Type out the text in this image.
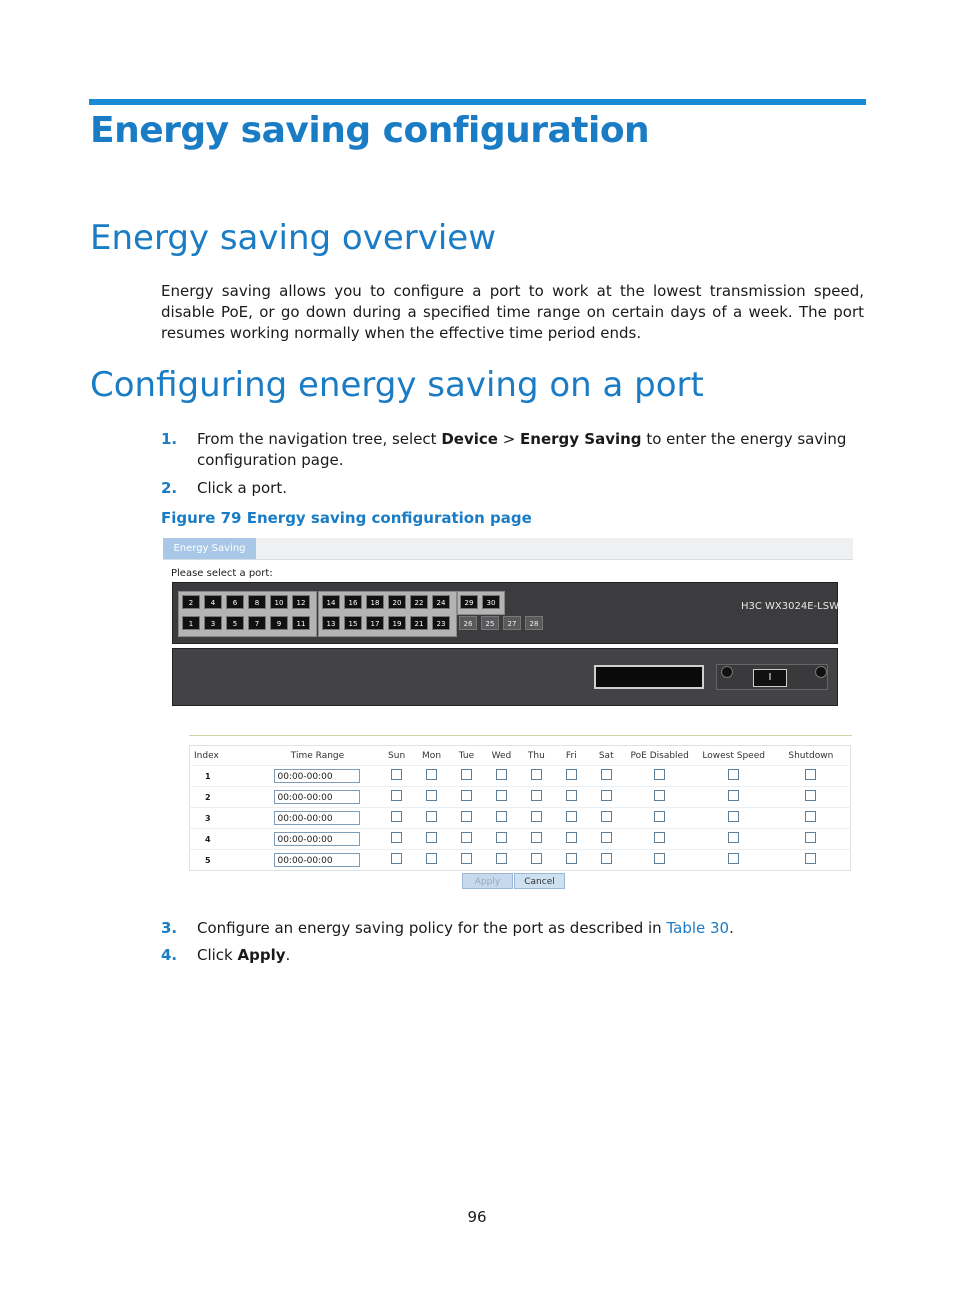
Energy saving configuration
Energy saving overview
Energy saving allows you to configure a port to work at the lowest transmission speed, disable PoE, or go down during a specified time range on certain days of a week. The port resumes working normally when the effective time period ends.
Configuring energy saving on a port
1. From the navigation tree, select Device > Energy Saving to enter the energy saving configuration page.
2. Click a port.
Figure 79 Energy saving configuration page
Energy Saving
Please select a port:
2	4	6	8	10	12	14	16	18	20	22	24	29	30
1	3	5	7	9	11	13	15	17	19	21	23	26	25	27	28
H3C WX3024E-LSW
I
Index	Time Range	Sun	Mon	Tue	Wed	Thu	Fri	Sat	PoE Disabled	Lowest Speed	Shutdown
1	00:00-00:00										
2	00:00-00:00										
3	00:00-00:00										
4	00:00-00:00										
5	00:00-00:00										
Apply	Cancel
3. Configure an energy saving policy for the port as described in Table 30.
4. Click Apply.
96
